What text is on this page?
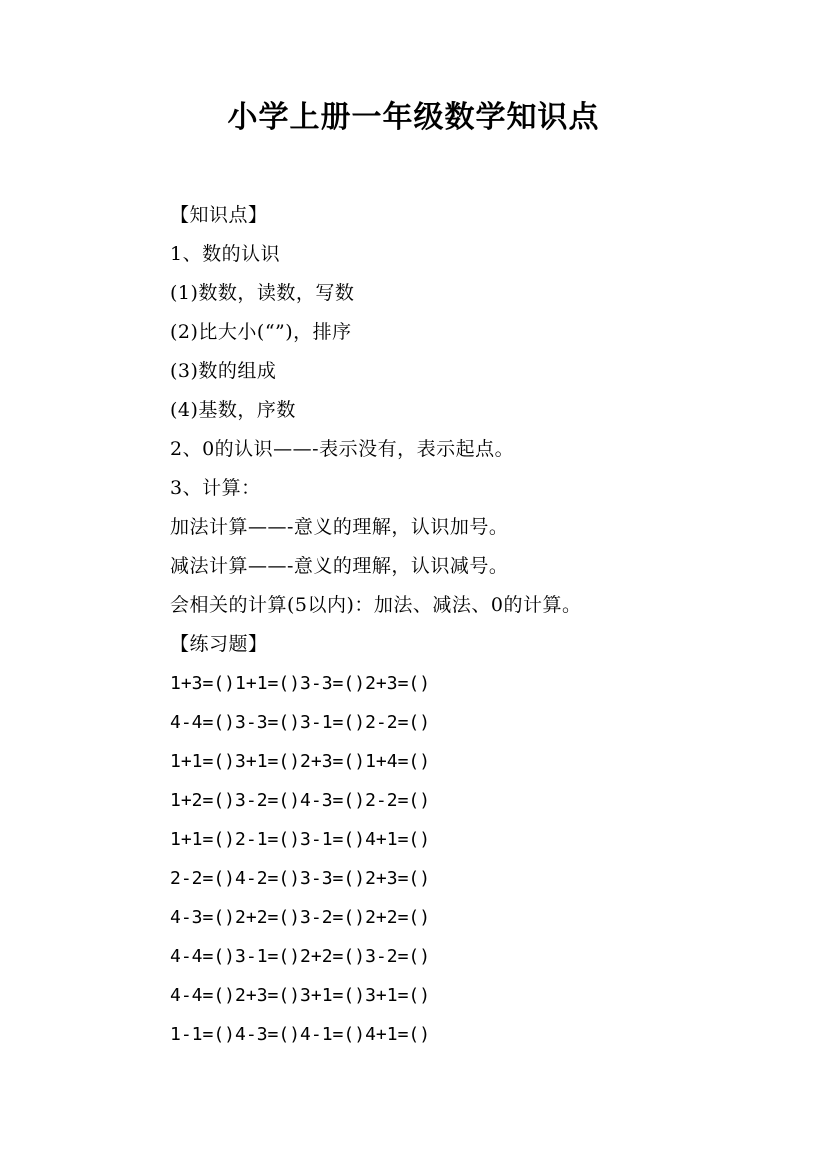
小学上册一年级数学知识点
【知识点】
1、数的认识
(1)数数，读数，写数
(2)比大小(“”)，排序
(3)数的组成
(4)基数，序数
2、0的认识——-表示没有，表示起点。
3、计算：
加法计算——-意义的理解，认识加号。
减法计算——-意义的理解，认识减号。
会相关的计算(5以内)：加法、减法、0的计算。
【练习题】
1+3=()1+1=()3-3=()2+3=()
4-4=()3-3=()3-1=()2-2=()
1+1=()3+1=()2+3=()1+4=()
1+2=()3-2=()4-3=()2-2=()
1+1=()2-1=()3-1=()4+1=()
2-2=()4-2=()3-3=()2+3=()
4-3=()2+2=()3-2=()2+2=()
4-4=()3-1=()2+2=()3-2=()
4-4=()2+3=()3+1=()3+1=()
1-1=()4-3=()4-1=()4+1=()
